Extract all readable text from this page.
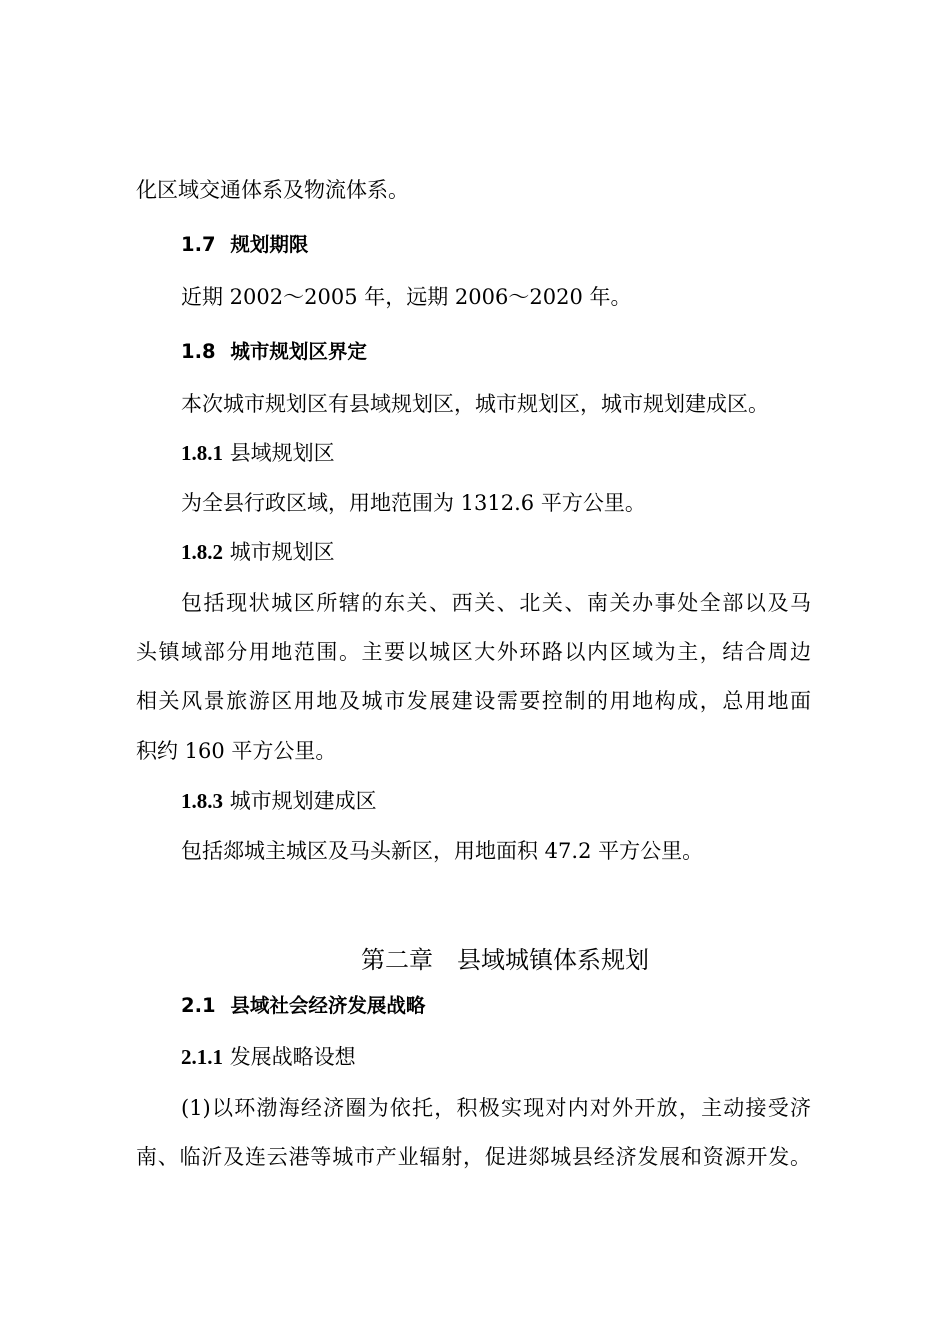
化区域交通体系及物流体系。
1.7 规划期限
近期 2002～2005 年，远期 2006～2020 年。
1.8 城市规划区界定
本次城市规划区有县域规划区，城市规划区，城市规划建成区。
1.8.1 县域规划区
为全县行政区域，用地范围为 1312.6 平方公里。
1.8.2 城市规划区
包括现状城区所辖的东关、西关、北关、南关办事处全部以及马
头镇域部分用地范围。主要以城区大外环路以内区域为主，结合周边
相关风景旅游区用地及城市发展建设需要控制的用地构成，总用地面
积约 160 平方公里。
1.8.3 城市规划建成区
包括郯城主城区及马头新区，用地面积 47.2 平方公里。
第二章　县域城镇体系规划
2.1 县域社会经济发展战略
2.1.1 发展战略设想
(1)以环渤海经济圈为依托，积极实现对内对外开放，主动接受济
南、临沂及连云港等城市产业辐射，促进郯城县经济发展和资源开发。
